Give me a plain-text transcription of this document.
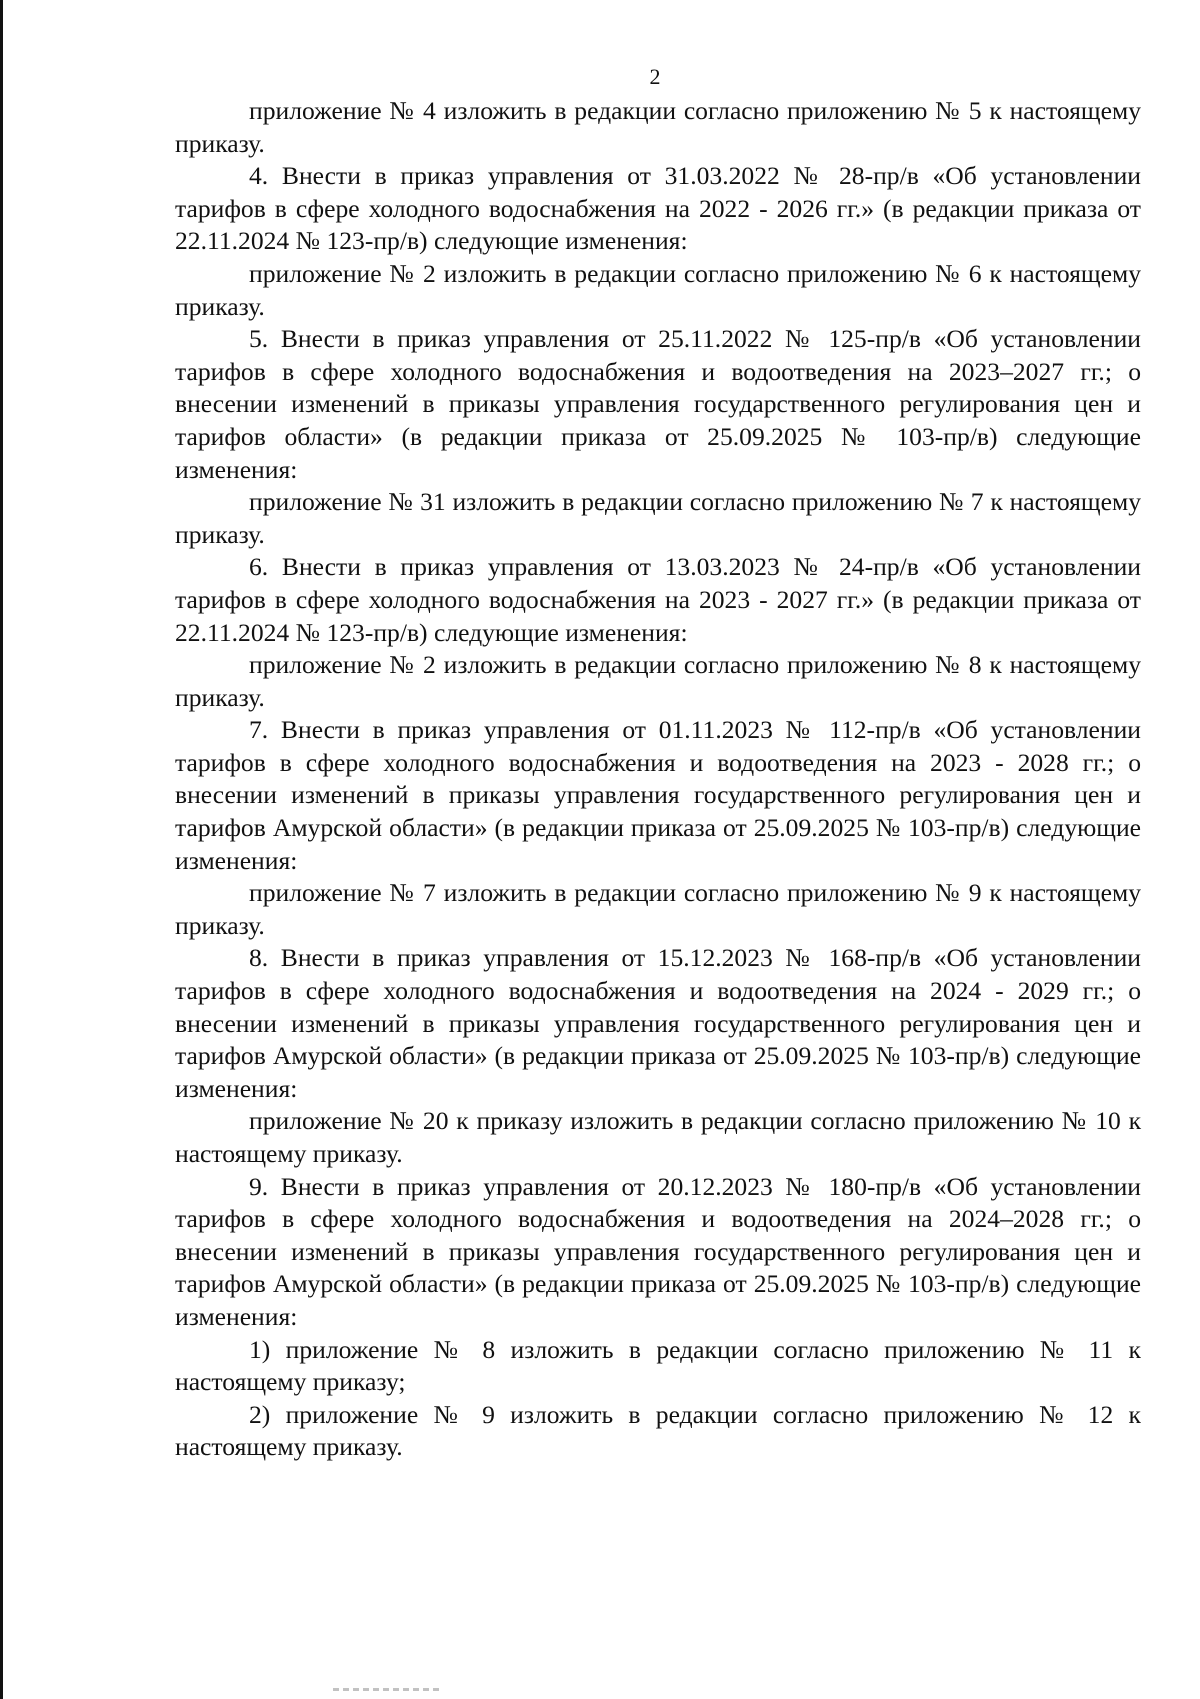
2

приложение № 4 изложить в редакции согласно приложению № 5 к настоящему приказу.

4. Внести в приказ управления от 31.03.2022 № 28-пр/в «Об установлении тарифов в сфере холодного водоснабжения на 2022 - 2026 гг.» (в редакции приказа от 22.11.2024 № 123-пр/в) следующие изменения:

приложение № 2 изложить в редакции согласно приложению № 6 к настоящему приказу.

5. Внести в приказ управления от 25.11.2022 № 125-пр/в «Об установлении тарифов в сфере холодного водоснабжения и водоотведения на 2023–2027 гг.; о внесении изменений в приказы управления государственного регулирования цен и тарифов области» (в редакции приказа от 25.09.2025 № 103-пр/в) следующие изменения:

приложение № 31 изложить в редакции согласно приложению № 7 к настоящему приказу.

6. Внести в приказ управления от 13.03.2023 № 24-пр/в «Об установлении тарифов в сфере холодного водоснабжения на 2023 - 2027 гг.» (в редакции приказа от 22.11.2024 № 123-пр/в) следующие изменения:

приложение № 2 изложить в редакции согласно приложению № 8 к настоящему приказу.

7. Внести в приказ управления от 01.11.2023 № 112-пр/в «Об установлении тарифов в сфере холодного водоснабжения и водоотведения на 2023 - 2028 гг.; о внесении изменений в приказы управления государственного регулирования цен и тарифов Амурской области» (в редакции приказа от 25.09.2025 № 103-пр/в) следующие изменения:

приложение № 7 изложить в редакции согласно приложению № 9 к настоящему приказу.

8. Внести в приказ управления от 15.12.2023 № 168-пр/в «Об установлении тарифов в сфере холодного водоснабжения и водоотведения на 2024 - 2029 гг.; о внесении изменений в приказы управления государственного регулирования цен и тарифов Амурской области» (в редакции приказа от 25.09.2025 № 103-пр/в) следующие изменения:

приложение № 20 к приказу изложить в редакции согласно приложению № 10 к настоящему приказу.

9. Внести в приказ управления от 20.12.2023 № 180-пр/в «Об установлении тарифов в сфере холодного водоснабжения и водоотведения на 2024–2028 гг.; о внесении изменений в приказы управления государственного регулирования цен и тарифов Амурской области» (в редакции приказа от 25.09.2025 № 103-пр/в) следующие изменения:

1) приложение № 8 изложить в редакции согласно приложению № 11 к настоящему приказу;

2) приложение № 9 изложить в редакции согласно приложению № 12 к настоящему приказу.
